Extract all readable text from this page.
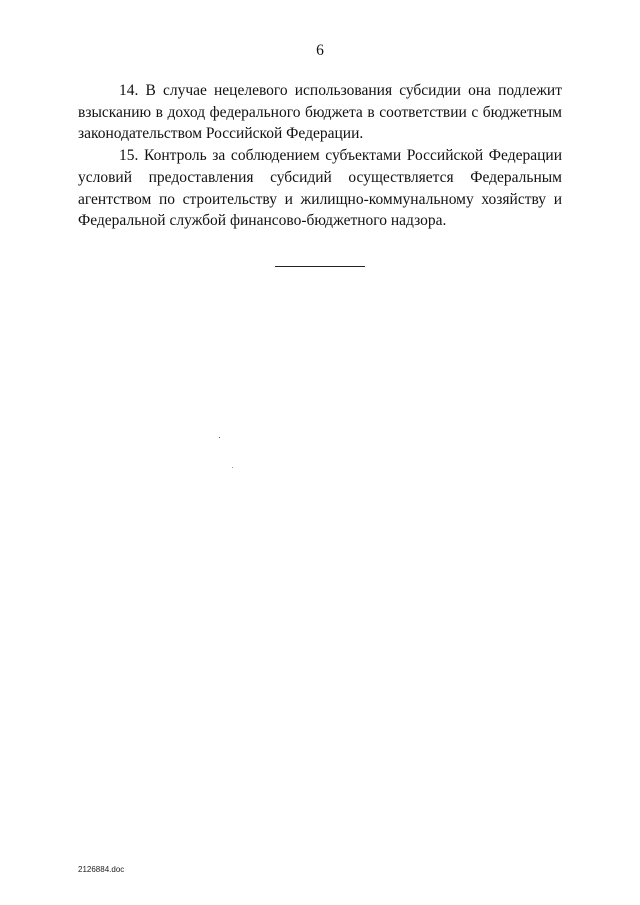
6

14. В случае нецелевого использования субсидии она подлежит взысканию в доход федерального бюджета в соответствии с бюджетным законодательством Российской Федерации.

15. Контроль за соблюдением субъектами Российской Федерации условий предоставления субсидий осуществляется Федеральным агентством по строительству и жилищно-коммунальному хозяйству и Федеральной службой финансово-бюджетного надзора.

2126884.doc
